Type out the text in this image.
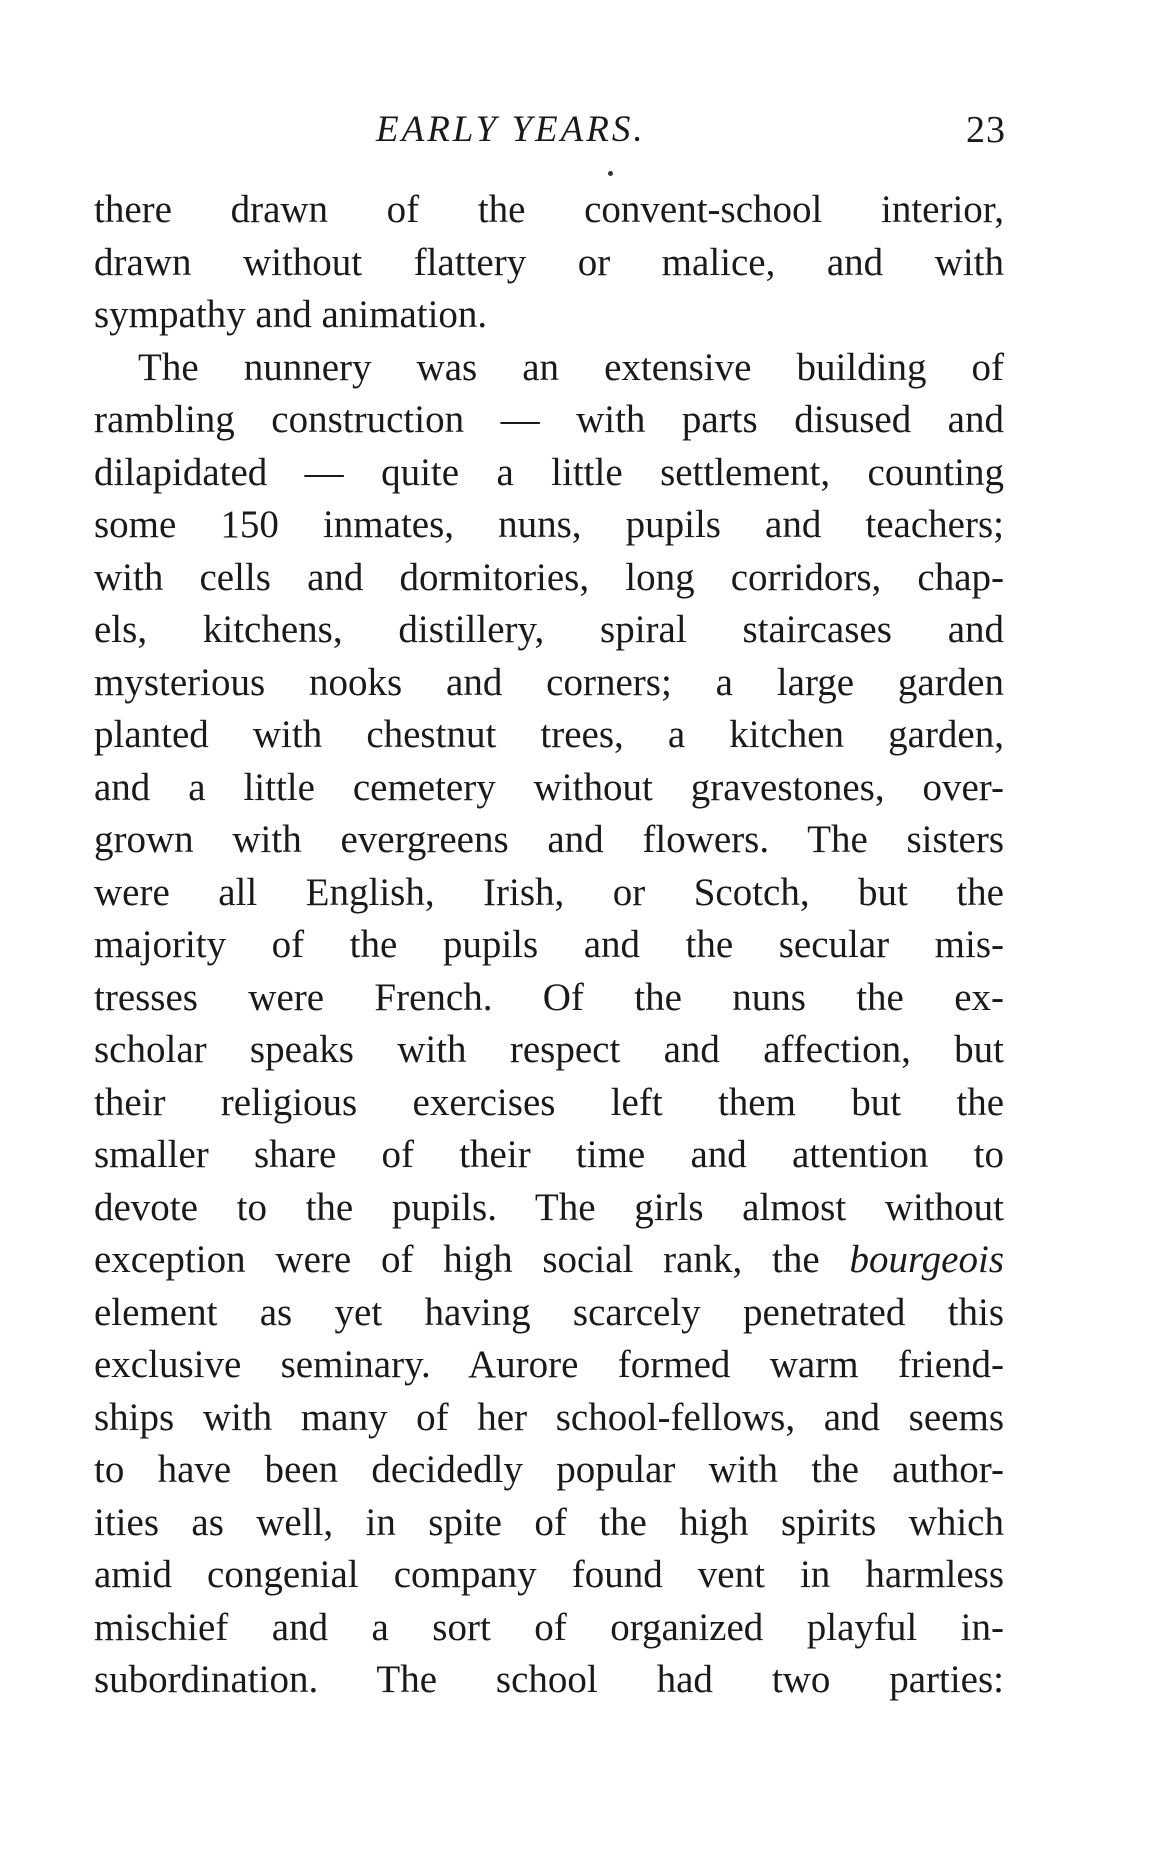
EARLY YEARS.	23
there drawn of the convent-school interior,
drawn without flattery or malice, and with
sympathy and animation.
The nunnery was an extensive building of
rambling construction — with parts disused and
dilapidated — quite a little settlement, counting
some 150 inmates, nuns, pupils and teachers;
with cells and dormitories, long corridors, chap-
els, kitchens, distillery, spiral staircases and
mysterious nooks and corners; a large garden
planted with chestnut trees, a kitchen garden,
and a little cemetery without gravestones, over-
grown with evergreens and flowers. The sisters
were all English, Irish, or Scotch, but the
majority of the pupils and the secular mis-
tresses were French. Of the nuns the ex-
scholar speaks with respect and affection, but
their religious exercises left them but the
smaller share of their time and attention to
devote to the pupils. The girls almost without
exception were of high social rank, the bourgeois
element as yet having scarcely penetrated this
exclusive seminary. Aurore formed warm friend-
ships with many of her school-fellows, and seems
to have been decidedly popular with the author-
ities as well, in spite of the high spirits which
amid congenial company found vent in harmless
mischief and a sort of organized playful in-
subordination. The school had two parties:
